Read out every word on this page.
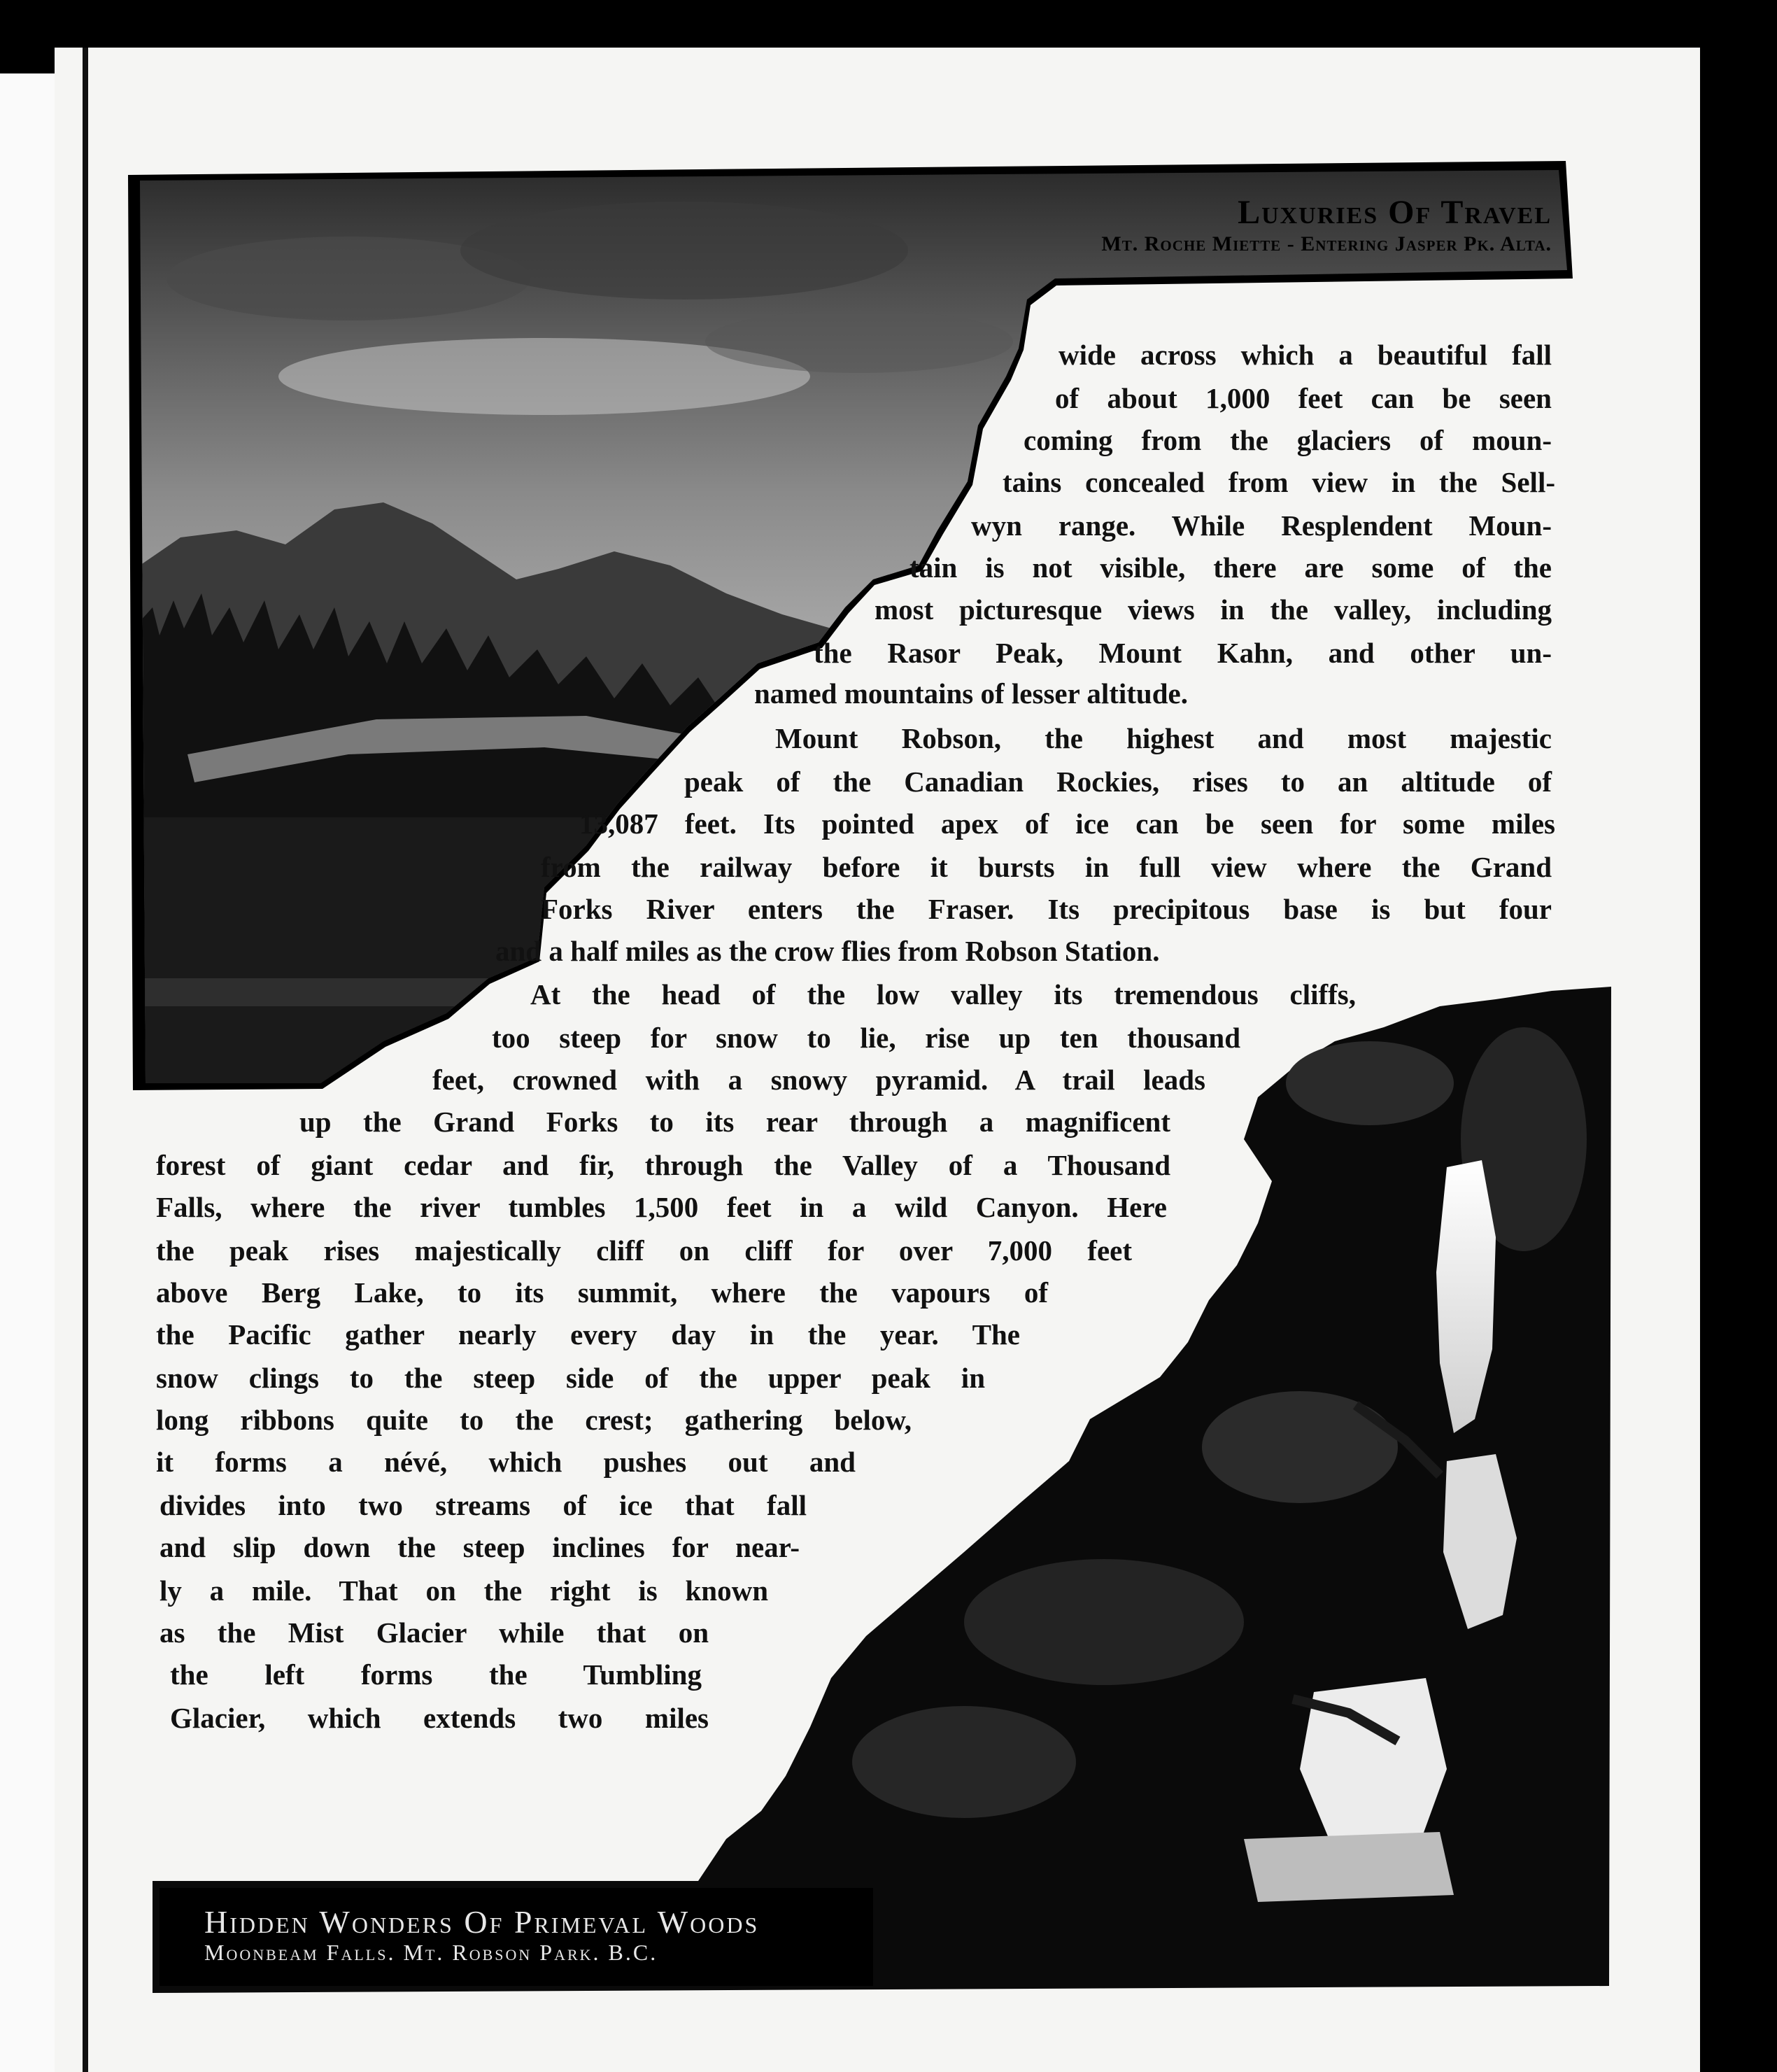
Luxuries Of Travel
Mt. Roche Miette - Entering Jasper Pk. Alta.
Hidden Wonders Of Primeval Woods
Moonbeam Falls. Mt. Robson Park. B.C.
wide across which a beautiful fall
of about 1,000 feet can be seen
coming from the glaciers of moun-
tains concealed from view in the Sell-
wyn range. While Resplendent Moun-
tain is not visible, there are some of the
most picturesque views in the valley, including
the Rasor Peak, Mount Kahn, and other un-
named mountains of lesser altitude.
Mount Robson, the highest and most majestic
peak of the Canadian Rockies, rises to an altitude of
13,087 feet. Its pointed apex of ice can be seen for some miles
from the railway before it bursts in full view where the Grand
Forks River enters the Fraser. Its precipitous base is but four
and a half miles as the crow flies from Robson Station.
At the head of the low valley its tremendous cliffs,
too steep for snow to lie, rise up ten thousand
feet, crowned with a snowy pyramid. A trail leads
up the Grand Forks to its rear through a magnificent
forest of giant cedar and fir, through the Valley of a Thousand
Falls, where the river tumbles 1,500 feet in a wild Canyon. Here
the peak rises majestically cliff on cliff for over 7,000 feet
above Berg Lake, to its summit, where the vapours of
the Pacific gather nearly every day in the year. The
snow clings to the steep side of the upper peak in
long ribbons quite to the crest; gathering below,
it forms a névé, which pushes out and
divides into two streams of ice that fall
and slip down the steep inclines for near-
ly a mile. That on the right is known
as the Mist Glacier while that on
the left forms the Tumbling
Glacier, which extends two miles
